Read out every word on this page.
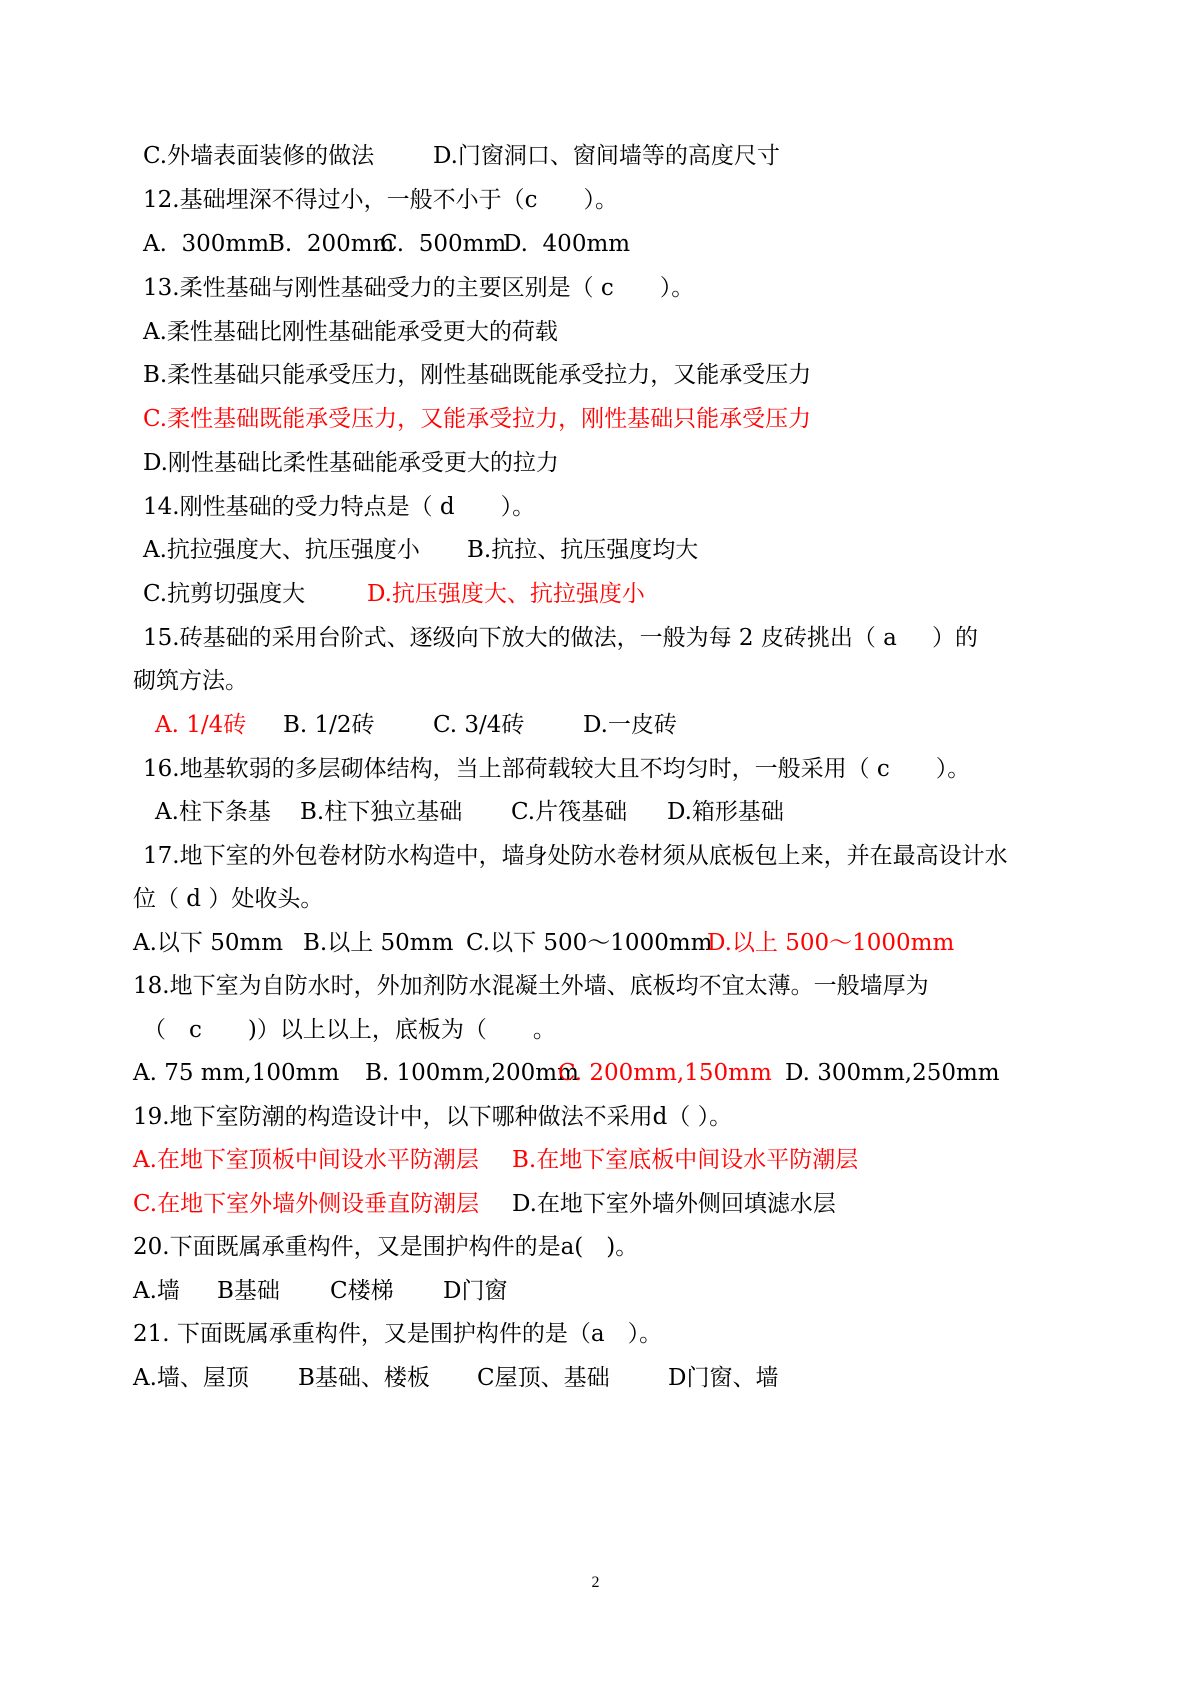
C.外墙表面装修的做法	D.门窗洞口、窗间墙等的高度尺寸
12.基础埋深不得过小，一般不小于（c　　）。
A.  300mm
B.  200mm
C.  500mm
D.  400mm
13.柔性基础与刚性基础受力的主要区别是（ c　　）。
A.柔性基础比刚性基础能承受更大的荷载
B.柔性基础只能承受压力，刚性基础既能承受拉力，又能承受压力
C.柔性基础既能承受压力，又能承受拉力，刚性基础只能承受压力
D.刚性基础比柔性基础能承受更大的拉力
14.刚性基础的受力特点是（ d　　）。
A.抗拉强度大、抗压强度小 B.抗拉、抗压强度均大
C.抗剪切强度大	D.抗压强度大、抗拉强度小
15.砖基础的采用台阶式、逐级向下放大的做法，一般为每 2 皮砖挑出（ a ）的
砌筑方法。
A. 1/4砖 B. 1/2砖	C. 3/4砖	D.一皮砖
16.地基软弱的多层砌体结构，当上部荷载较大且不均匀时，一般采用（ c　　）。
A.柱下条基 B.柱下独立基础 C.片筏基础 D.箱形基础
17.地下室的外包卷材防水构造中，墙身处防水卷材须从底板包上来，并在最高设计水
位（ d ）处收头。
A.以下 50mm B.以上 50mm C.以下 500～1000mm
D.以上 500～1000mm
18.地下室为自防水时，外加剂防水混凝土外墙、底板均不宜太薄。一般墙厚为
（　c　　)）以上以上，底板为（　　。
A. 75 mm,100mm B. 100mm,200mm
C. 200mm,150mm D. 300mm,250mm
19.地下室防潮的构造设计中，以下哪种做法不采用d（ ）。
A.在地下室顶板中间设水平防潮层 B.在地下室底板中间设水平防潮层
C.在地下室外墙外侧设垂直防潮层 D.在地下室外墙外侧回填滤水层
20.下面既属承重构件，又是围护构件的是a(　)。
A.墙 B基础 C楼梯 D门窗
21. 下面既属承重构件，又是围护构件的是（a　）。
A.墙、屋顶 B基础、楼板 C屋顶、基础	D门窗、墙
2
